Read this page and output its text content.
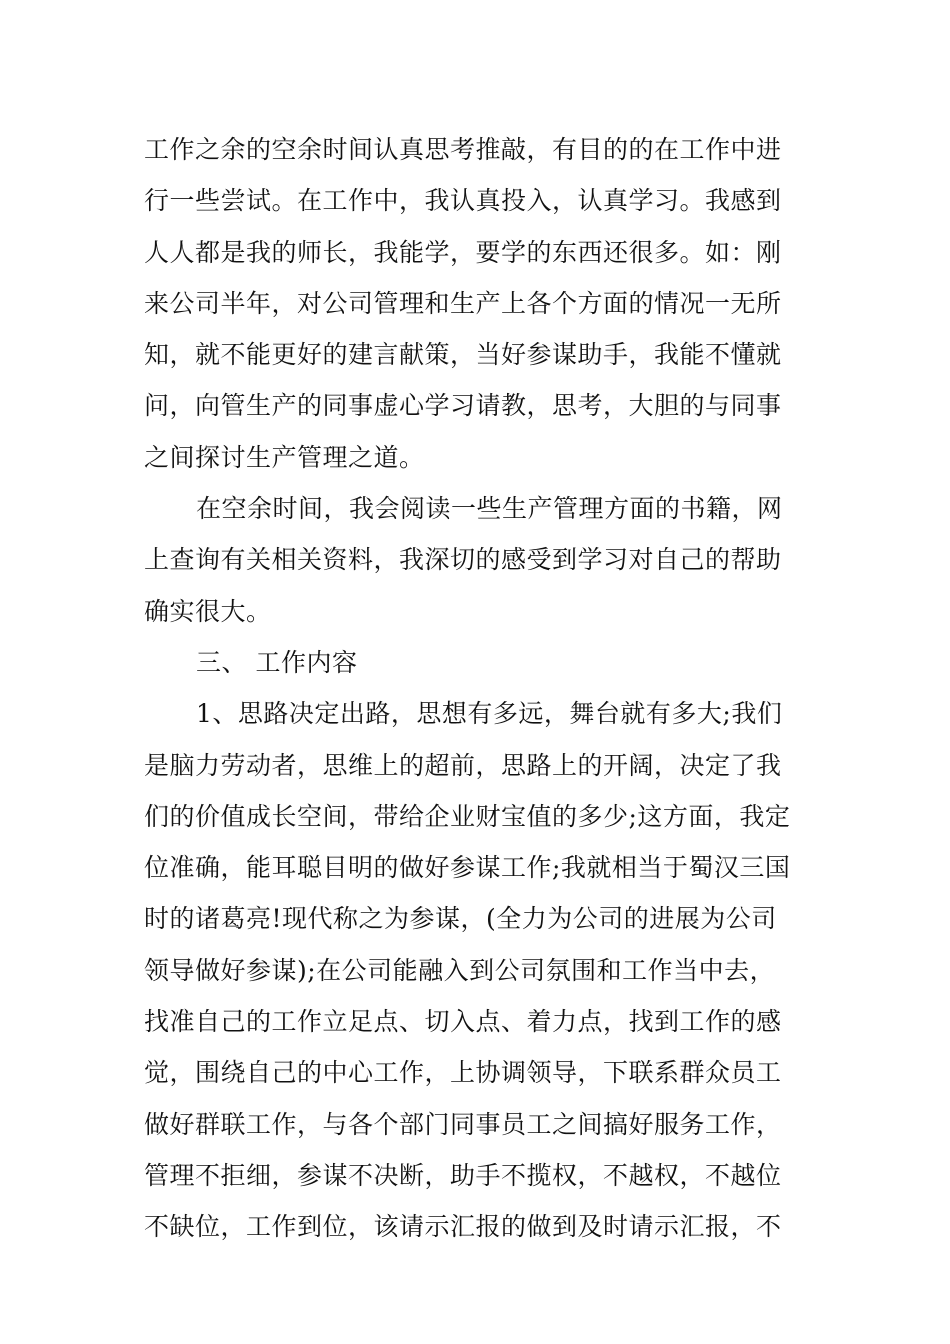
工作之余的空余时间认真思考推敲，有目的的在工作中进
行一些尝试。在工作中，我认真投入，认真学习。我感到
人人都是我的师长，我能学，要学的东西还很多。如：刚
来公司半年，对公司管理和生产上各个方面的情况一无所
知，就不能更好的建言献策，当好参谋助手，我能不懂就
问，向管生产的同事虚心学习请教，思考，大胆的与同事
之间探讨生产管理之道。
在空余时间，我会阅读一些生产管理方面的书籍，网
上查询有关相关资料，我深切的感受到学习对自己的帮助
确实很大。
三、 工作内容
1、思路决定出路，思想有多远，舞台就有多大;我们
是脑力劳动者，思维上的超前，思路上的开阔，决定了我
们的价值成长空间，带给企业财宝值的多少;这方面，我定
位准确，能耳聪目明的做好参谋工作;我就相当于蜀汉三国
时的诸葛亮!现代称之为参谋，(全力为公司的进展为公司
领导做好参谋);在公司能融入到公司氛围和工作当中去，
找准自己的工作立足点、切入点、着力点，找到工作的感
觉，围绕自己的中心工作，上协调领导，下联系群众员工
做好群联工作，与各个部门同事员工之间搞好服务工作，
管理不拒细，参谋不决断，助手不揽权，不越权，不越位
不缺位，工作到位，该请示汇报的做到及时请示汇报，不
